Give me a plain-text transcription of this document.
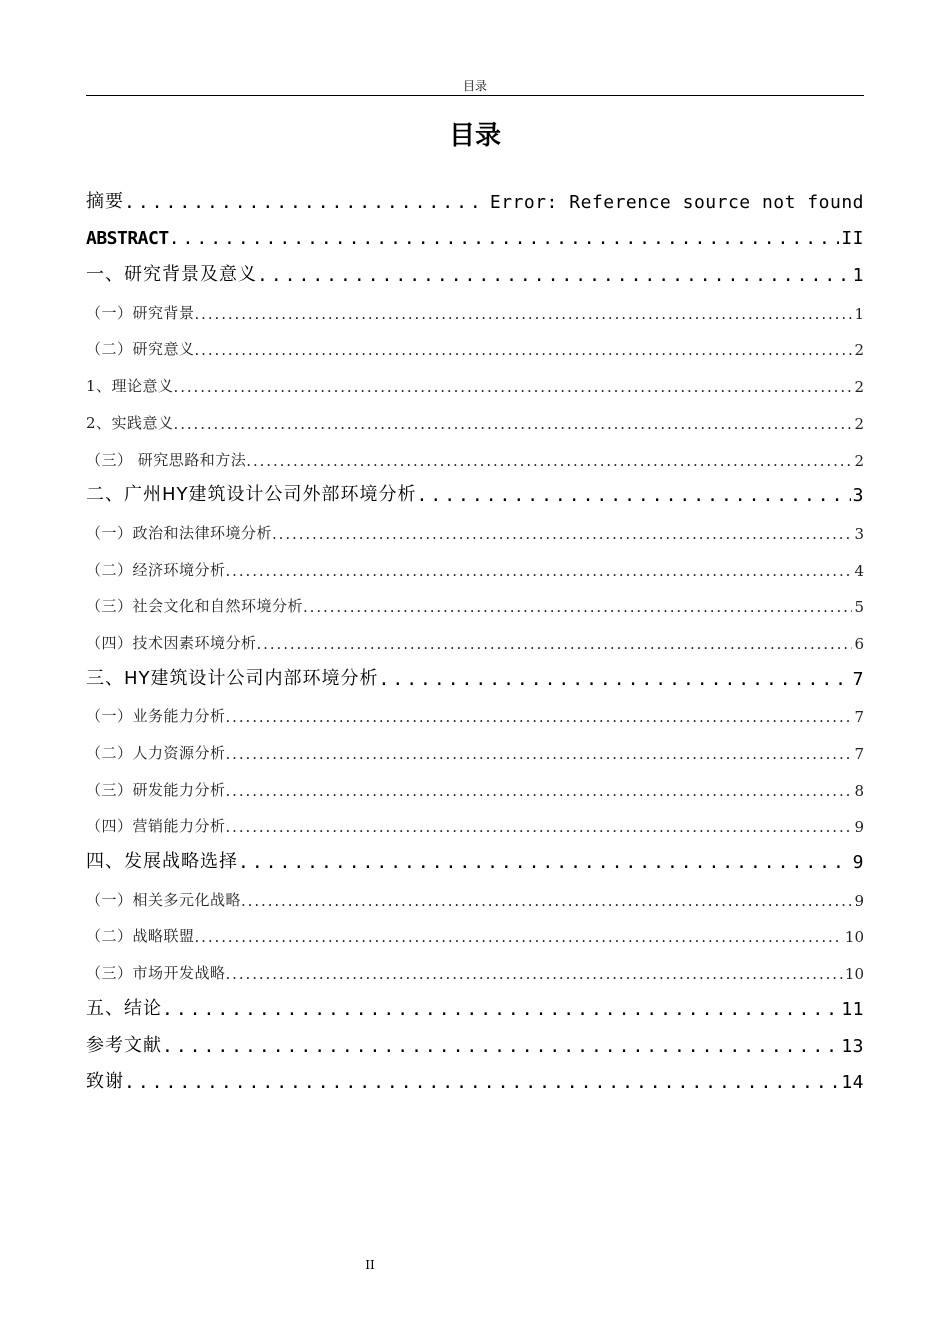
目录
目录
摘要 .....	Error: Reference source not found
ABSTRACT .....	II
一、研究背景及意义 .....	1
（一）研究背景 .....	1
（二）研究意义 .....	2
1、理论意义 .....	2
2、实践意义 .....	2
（三） 研究思路和方法 .....	2
二、广州HY建筑设计公司外部环境分析 .....	3
（一）政治和法律环境分析 .....	3
（二）经济环境分析 .....	4
（三）社会文化和自然环境分析 .....	5
（四）技术因素环境分析 .....	6
三、HY建筑设计公司内部环境分析 .....	7
（一）业务能力分析 .....	7
（二）人力资源分析 .....	7
（三）研发能力分析 .....	8
（四）营销能力分析 .....	9
四、发展战略选择 .....	9
（一）相关多元化战略 .....	9
（二）战略联盟 .....	10
（三）市场开发战略 .....	10
五、结论 .....	11
参考文献 .....	13
致谢 .....	14
II
